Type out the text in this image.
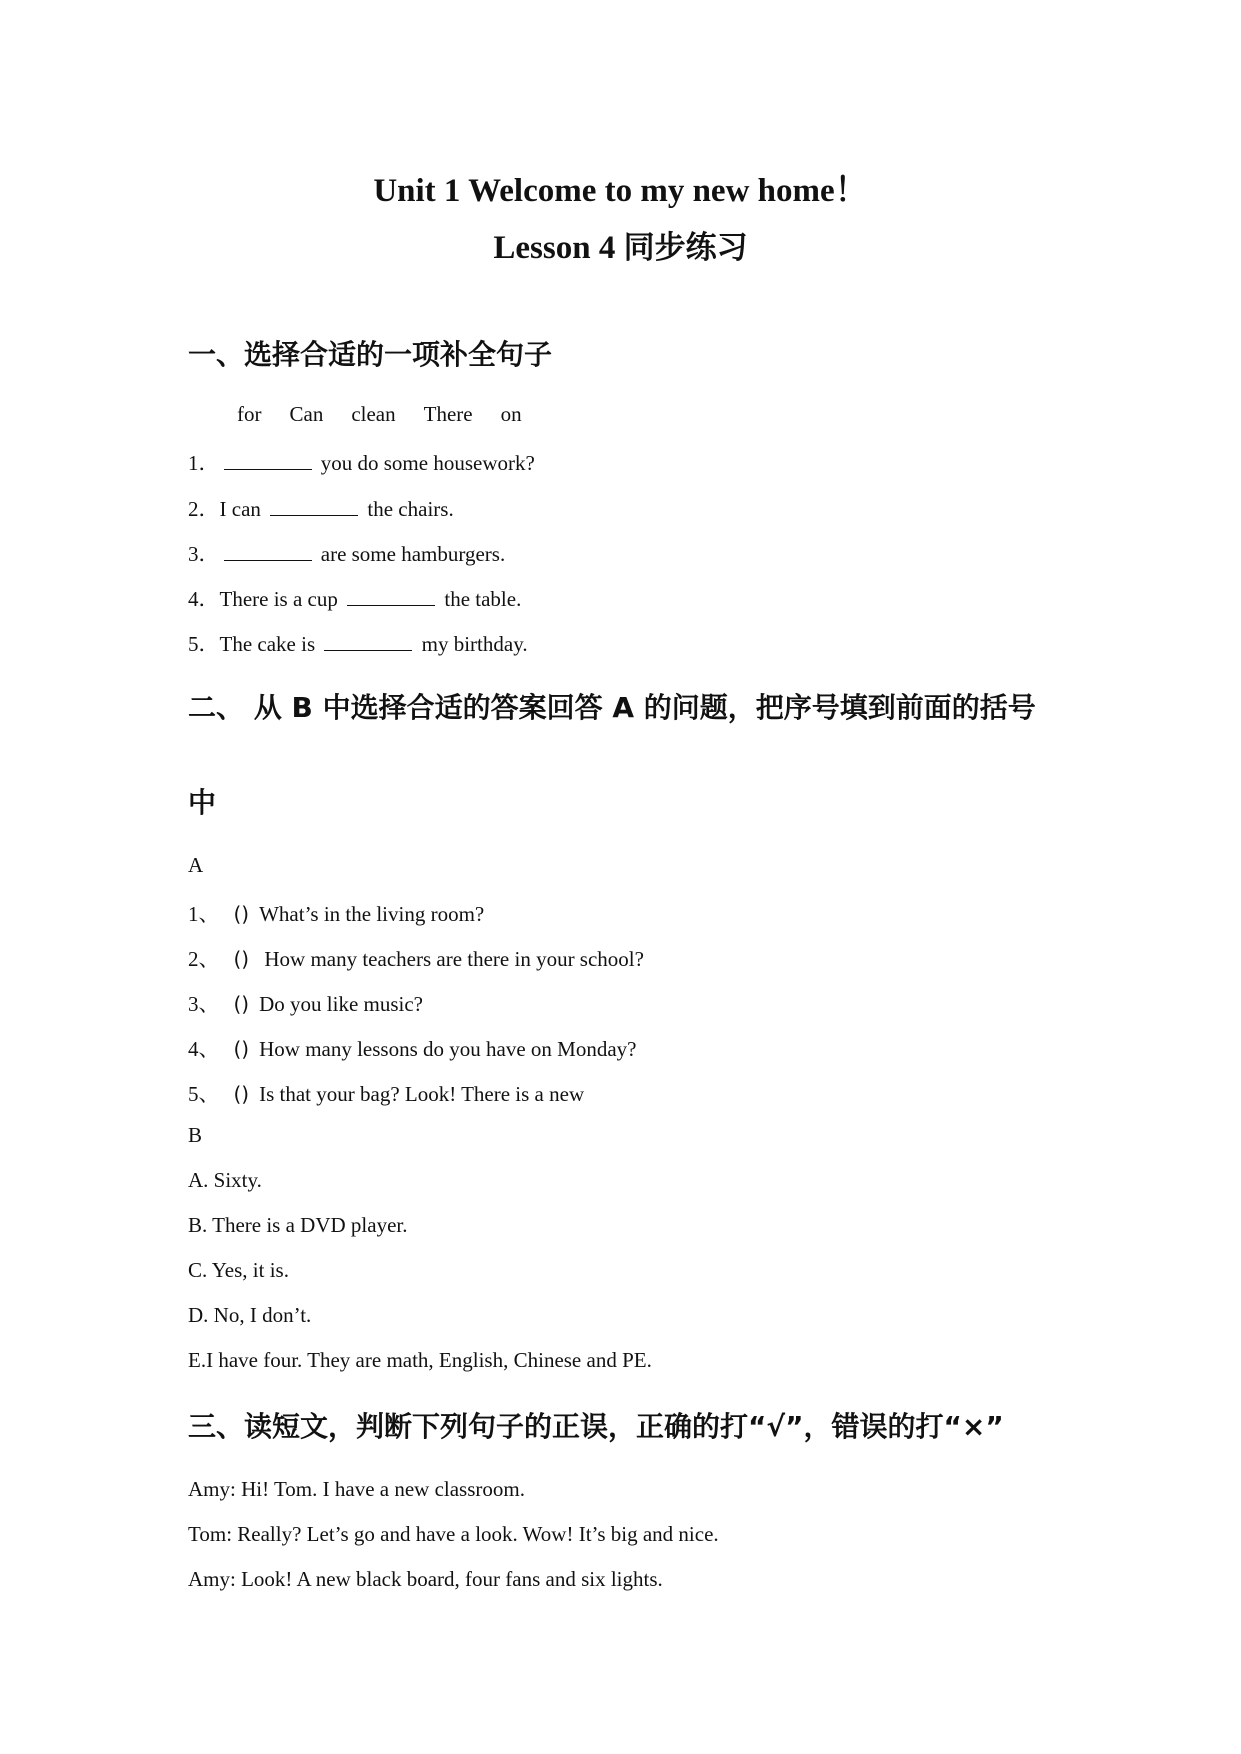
Unit 1 Welcome to my new home！
Lesson 4 同步练习
一、选择合适的一项补全句子
for Can clean There on
1．	you do some housework?
2．I can	the chairs.
3．	are some hamburgers.
4．There is a cup	the table.
5．The cake is	my birthday.
二、 从 B 中选择合适的答案回答 A 的问题，把序号填到前面的括号
中
A
1、 () What’s in the living room?
2、 () How many teachers are there in your school?
3、 () Do you like music?
4、 () How many lessons do you have on Monday?
5、 () Is that your bag? Look! There is a new
B
A. Sixty.
B. There is a DVD player.
C. Yes, it is.
D. No, I don’t.
E.I have four. They are math, English, Chinese and PE.
三、读短文，判断下列句子的正误，正确的打“√”，错误的打“×”
Amy: Hi! Tom. I have a new classroom.
Tom: Really? Let’s go and have a look. Wow! It’s big and nice.
Amy: Look! A new black board, four fans and six lights.
